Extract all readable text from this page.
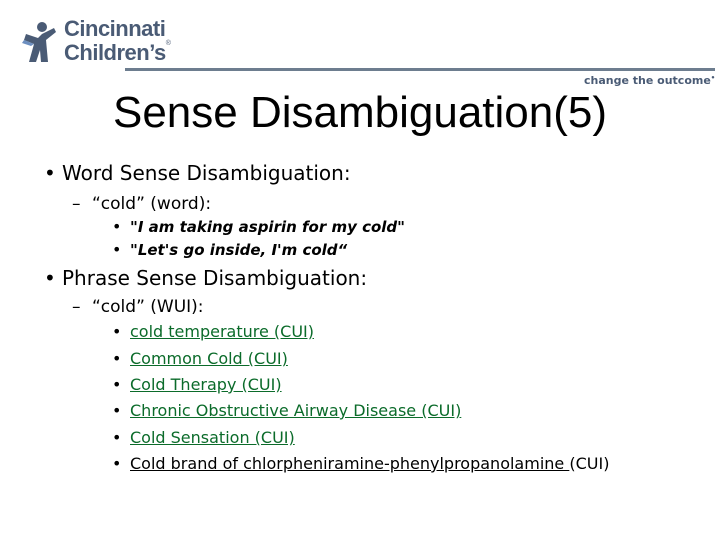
Cincinnati
Children’s®
change the outcome•
Sense Disambiguation(5)
• Word Sense Disambiguation:
– “cold” (word):
• "I am taking aspirin for my cold"
• "Let's go inside, I'm cold“
• Phrase Sense Disambiguation:
– “cold” (WUI):
• cold temperature (CUI)
• Common Cold (CUI)
• Cold Therapy (CUI)
• Chronic Obstructive Airway Disease (CUI)
• Cold Sensation (CUI)
• Cold brand of chlorpheniramine-phenylpropanolamine (CUI)
